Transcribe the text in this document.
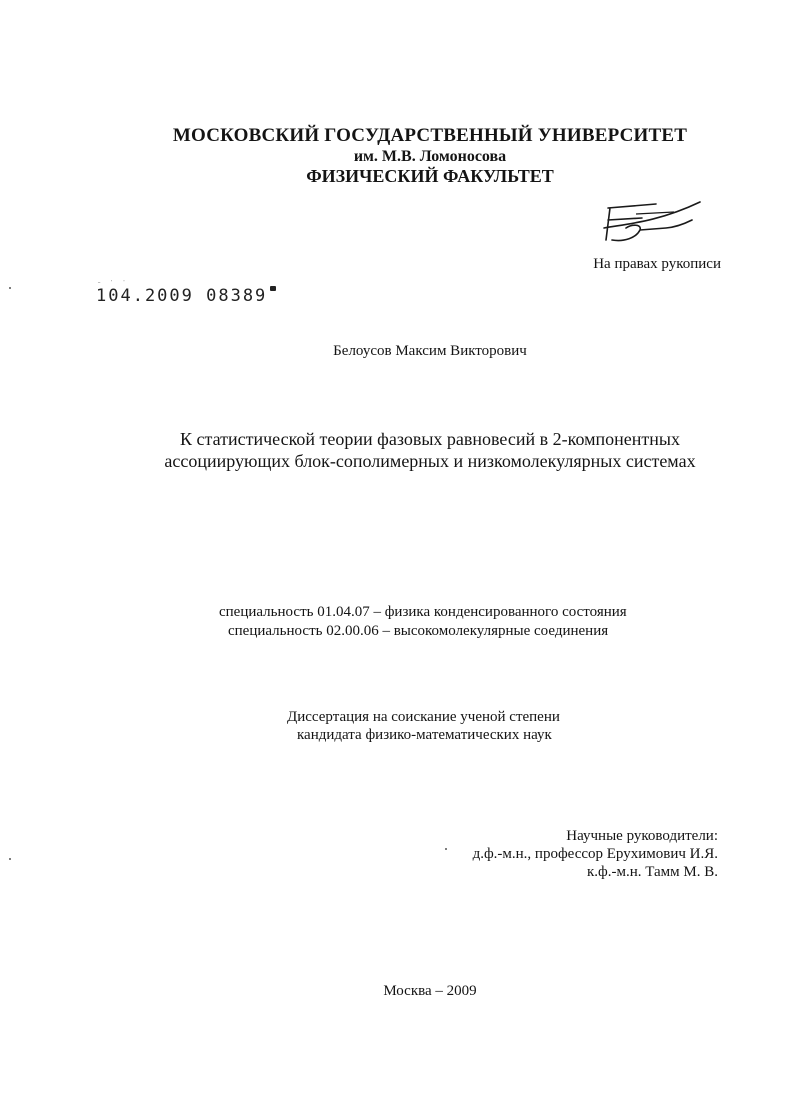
МОСКОВСКИЙ ГОСУДАРСТВЕННЫЙ УНИВЕРСИТЕТ
им. М.В. Ломоносова
ФИЗИЧЕСКИЙ ФАКУЛЬТЕТ
На правах рукописи
⁻ ˙ ˙
104.2009 08389
Белоусов Максим Викторович
К статистической теории фазовых равновесий в 2-компонентных
ассоциирующих блок-сополимерных и низкомолекулярных системах
специальность 01.04.07 – физика конденсированного состояния
специальность 02.00.06 – высокомолекулярные соединения
Диссертация на соискание ученой степени
кандидата физико-математических наук
Научные руководители:
д.ф.-м.н., профессор Ерухимович И.Я.
к.ф.-м.н. Тамм М. В.
Москва – 2009
